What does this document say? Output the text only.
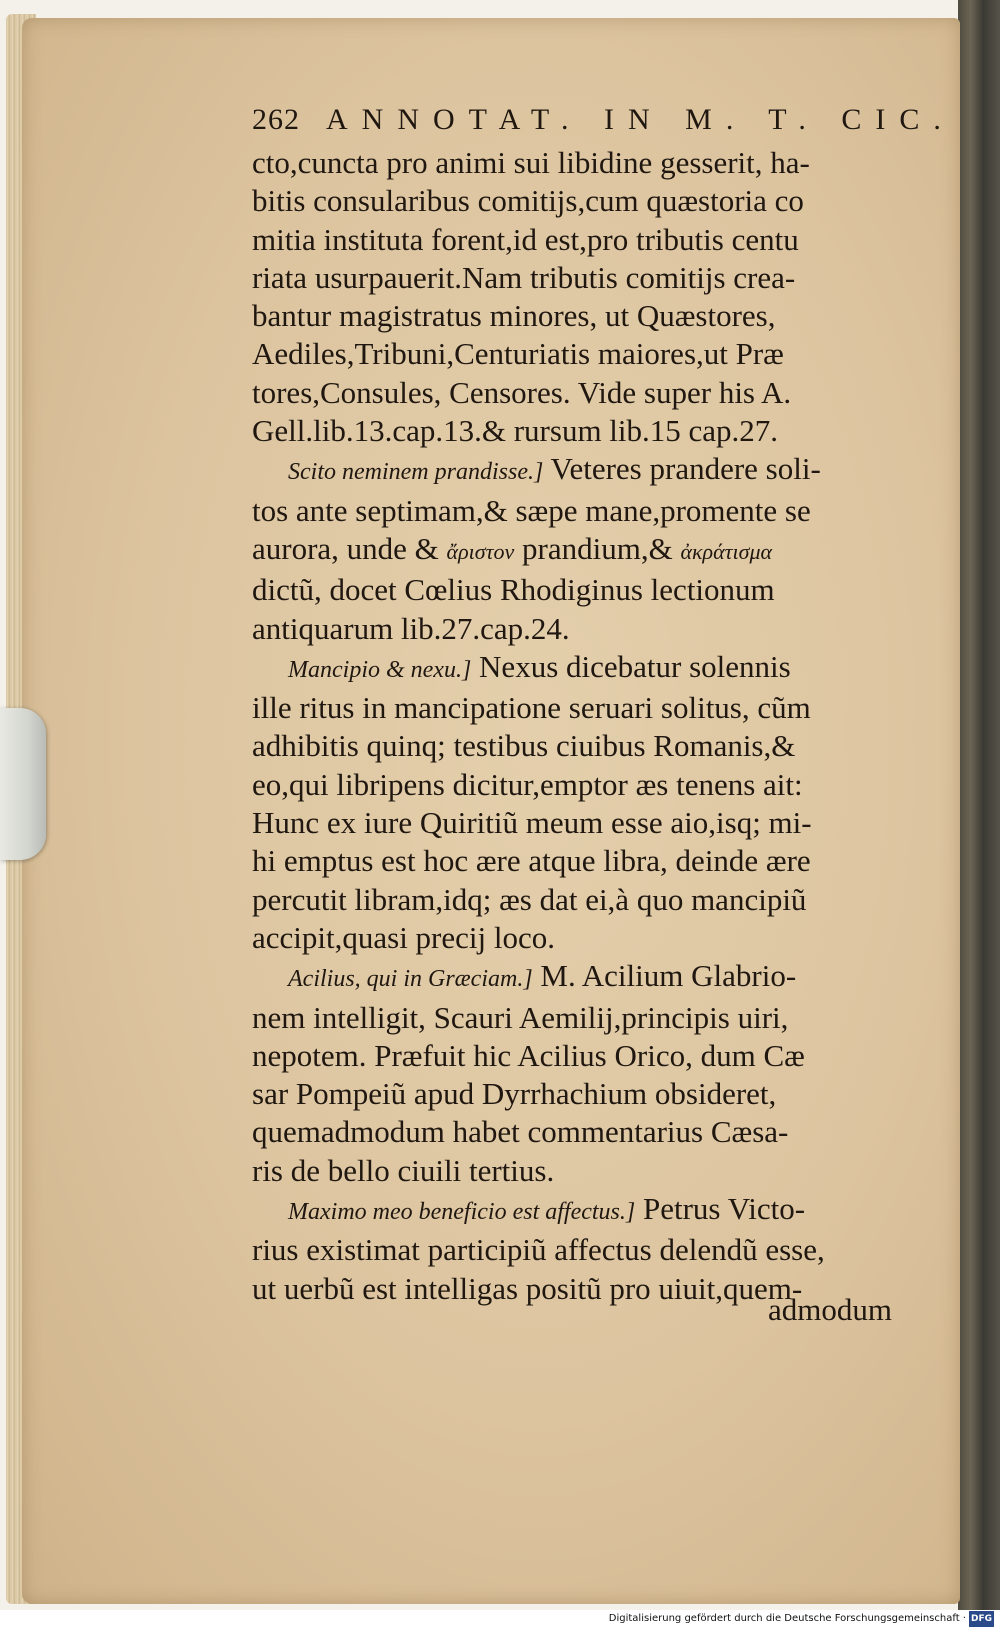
262 ANNOTAT. IN M. T. CIC.
cto,cuncta pro animi sui libidine gesserit, ha-
bitis consularibus comitijs,cum quæstoria co
mitia instituta forent,id est,pro tributis centu
riata usurpauerit.Nam tributis comitijs crea-
bantur magistratus minores, ut Quæstores,
Aediles,Tribuni,Centuriatis maiores,ut Præ
tores,Consules, Censores. Vide super his A.
Gell.lib.13.cap.13.& rursum lib.15 cap.27.
Scito neminem prandisse.] Veteres prandere soli-
tos ante septimam,& sæpe mane,promente se
aurora, unde & ἄριστον prandium,& ἀκράτισμα
dictũ, docet Cœlius Rhodiginus lectionum
antiquarum lib.27.cap.24.
Mancipio & nexu.] Nexus dicebatur solennis
ille ritus in mancipatione seruari solitus, cũm
adhibitis quinq; testibus ciuibus Romanis,&
eo,qui libripens dicitur,emptor æs tenens ait:
Hunc ex iure Quiritiũ meum esse aio,isq; mi-
hi emptus est hoc ære atque libra, deinde ære
percutit libram,idq; æs dat ei,à quo mancipiũ
accipit,quasi precij loco.
Acilius, qui in Græciam.] M. Acilium Glabrio-
nem intelligit, Scauri Aemilij,principis uiri,
nepotem. Præfuit hic Acilius Orico, dum Cæ
sar Pompeiũ apud Dyrrhachium obsideret,
quemadmodum habet commentarius Cæsa-
ris de bello ciuili tertius.
Maximo meo beneficio est affectus.] Petrus Victo-
rius existimat participiũ affectus delendũ esse,
ut uerbũ est intelligas positũ pro uiuit,quem-
admodum
Digitalisierung gefördert durch die Deutsche Forschungsgemeinschaft · DFG
